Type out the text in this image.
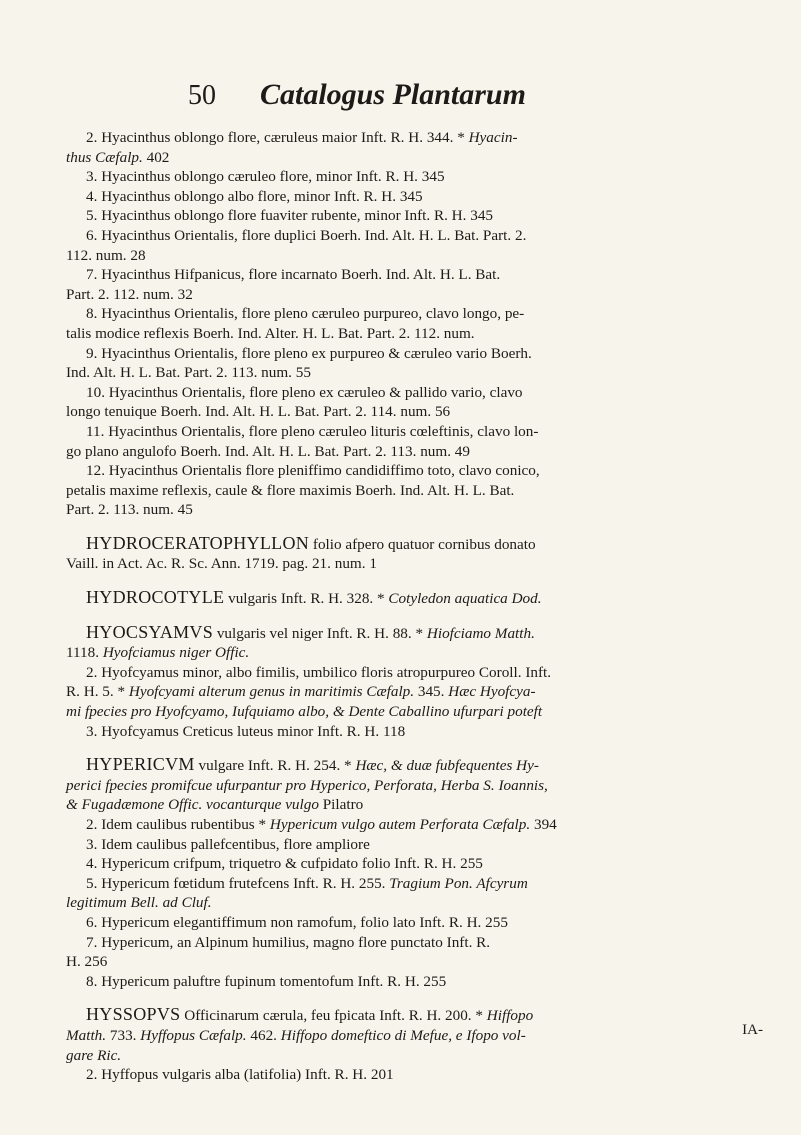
50 Catalogus Plantarum
2. Hyacinthus oblongo flore, cæruleus maior Inft. R. H. 344. * Hyacin-
thus Cæfalp. 402
3. Hyacinthus oblongo cæruleo flore, minor Inft. R. H. 345
4. Hyacinthus oblongo albo flore, minor Inft. R. H. 345
5. Hyacinthus oblongo flore fuaviter rubente, minor Inft. R. H. 345
6. Hyacinthus Orientalis, flore duplici Boerh. Ind. Alt. H. L. Bat. Part. 2.
112. num. 28
7. Hyacinthus Hifpanicus, flore incarnato Boerh. Ind. Alt. H. L. Bat.
Part. 2. 112. num. 32
8. Hyacinthus Orientalis, flore pleno cæruleo purpureo, clavo longo, pe-
talis modice reflexis Boerh. Ind. Alter. H. L. Bat. Part. 2. 112. num.
9. Hyacinthus Orientalis, flore pleno ex purpureo & cæruleo vario Boerh.
Ind. Alt. H. L. Bat. Part. 2. 113. num. 55
10. Hyacinthus Orientalis, flore pleno ex cæruleo & pallido vario, clavo
longo tenuique Boerh. Ind. Alt. H. L. Bat. Part. 2. 114. num. 56
11. Hyacinthus Orientalis, flore pleno cæruleo lituris cœleftinis, clavo lon-
go plano angulofo Boerh. Ind. Alt. H. L. Bat. Part. 2. 113. num. 49
12. Hyacinthus Orientalis flore pleniffimo candidiffimo toto, clavo conico,
petalis maxime reflexis, caule & flore maximis Boerh. Ind. Alt. H. L. Bat.
Part. 2. 113. num. 45
HYDROCERATOPHYLLON folio afpero quatuor cornibus donato
Vaill. in Act. Ac. R. Sc. Ann. 1719. pag. 21. num. 1
HYDROCOTYLE vulgaris Inft. R. H. 328. * Cotyledon aquatica Dod.
HYOCSYAMVS vulgaris vel niger Inft. R. H. 88. * Hiofciamo Matth.
1118. Hyofciamus niger Offic.
2. Hyofcyamus minor, albo fimilis, umbilico floris atropurpureo Coroll. Inft.
R. H. 5. * Hyofcyami alterum genus in maritimis Cæfalp. 345. Hæc Hyofcya-
mi fpecies pro Hyofcyamo, Iufquiamo albo, & Dente Caballino ufurpari poteft
3. Hyofcyamus Creticus luteus minor Inft. R. H. 118
HYPERICVM vulgare Inft. R. H. 254. * Hæc, & duæ fubfequentes Hy-
perici fpecies promifcue ufurpantur pro Hyperico, Perforata, Herba S. Ioannis,
& Fugadæmone Offic. vocanturque vulgo Pilatro
2. Idem caulibus rubentibus * Hypericum vulgo autem Perforata Cæfalp. 394
3. Idem caulibus pallefcentibus, flore ampliore
4. Hypericum crifpum, triquetro & cufpidato folio Inft. R. H. 255
5. Hypericum fœtidum frutefcens Inft. R. H. 255. Tragium Pon. Afcyrum
legitimum Bell. ad Cluf.
6. Hypericum elegantiffimum non ramofum, folio lato Inft. R. H. 255
7. Hypericum, an Alpinum humilius, magno flore punctato Inft. R.
H. 256
8. Hypericum paluftre fupinum tomentofum Inft. R. H. 255
HYSSOPVS Officinarum cærula, feu fpicata Inft. R. H. 200. * Hiffopo
Matth. 733. Hyffopus Cæfalp. 462. Hiffopo domeftico di Mefue, e Ifopo vol-
gare Ric.
2. Hyffopus vulgaris alba (latifolia) Inft. R. H. 201
IA-
